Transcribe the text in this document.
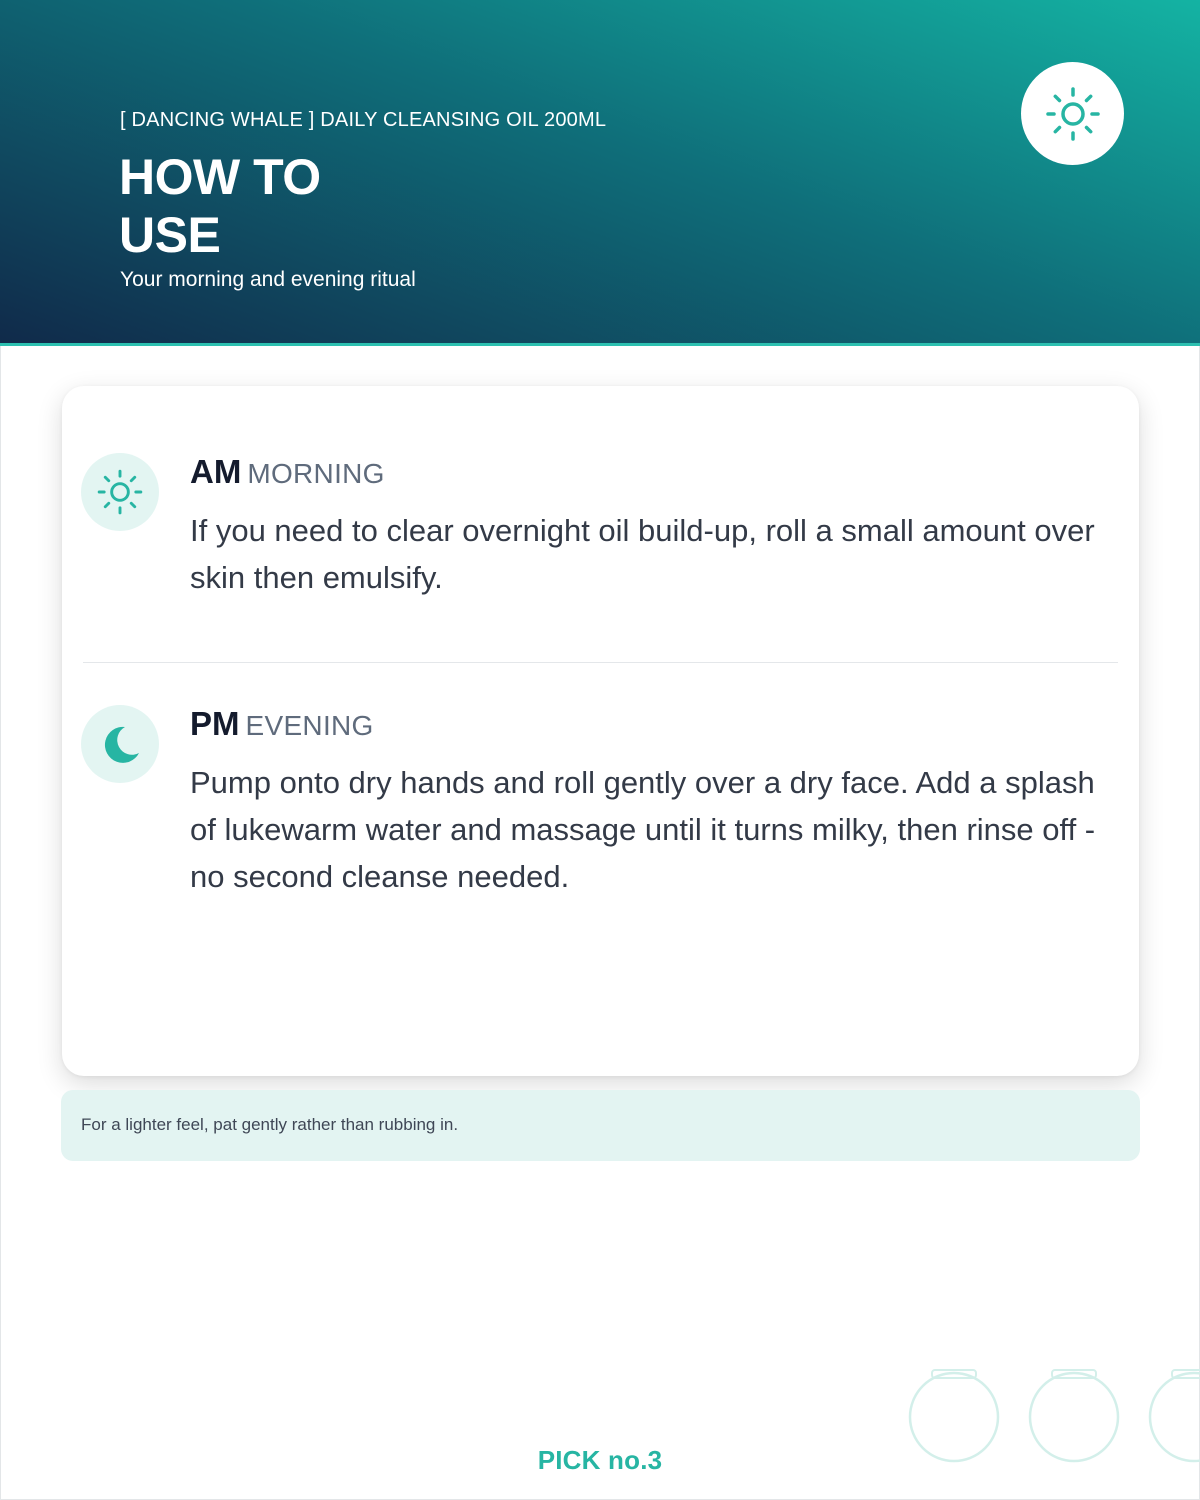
[ DANCING WHALE ] DAILY CLEANSING OIL 200ML
HOW TO
USE
Your morning and evening ritual
AM MORNING

If you need to clear overnight oil build-up, roll a small amount over skin then emulsify.

PM EVENING

Pump onto dry hands and roll gently over a dry face. Add a splash of lukewarm water and massage until it turns milky, then rinse off - no second cleanse needed.

For a lighter feel, pat gently rather than rubbing in.
PICK no.3
